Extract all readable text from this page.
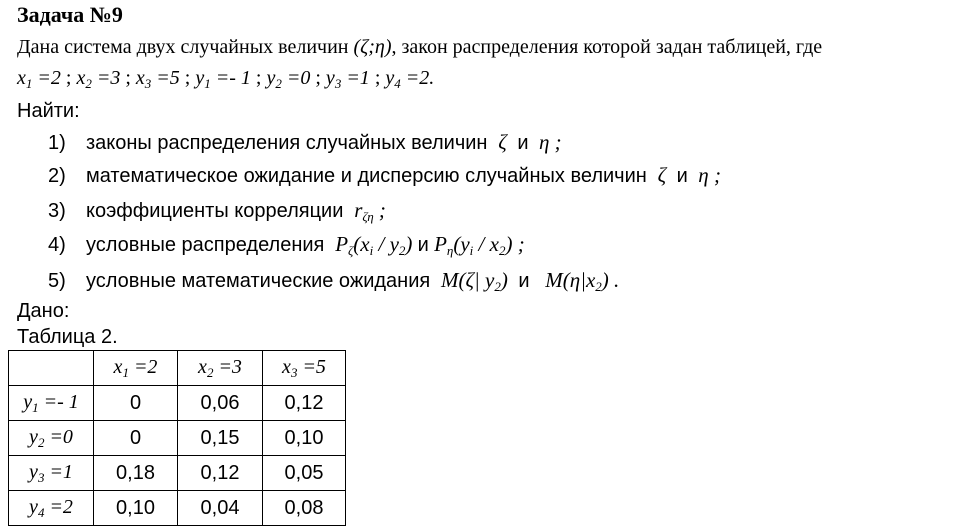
Задача №9
Дана система двух случайных величин (ζ;η), закон распределения которой задан таблицей, где
$x_1 =2$ ; $x_2 =3$ ; $x_3 =5$ ; $y_1 =- 1$ ; $y_2 =0$ ; $y_3 =1$ ; $y_4 =2$.
Найти:
1) законы распределения случайных величин  ζ  и  η ;
2) математическое ожидание и дисперсию случайных величин  ζ  и  η ;
3) коэффициенты корреляции  $r_{\zeta\eta}$ ;
4) условные распределения  $P_\zeta(x_i / y_2)$ и $P_\eta(y_i / x_2)$ ;
5) условные математические ожидания  M(ζ| $y_2$)  и   $M(\eta|x_2)$ .
Дано:
Таблица 2.
	$x_1 =2$	$x_2 =3$	$x_3 =5$
$y_1 =- 1$	0	0,06	0,12
$y_2 =0$	0	0,15	0,10
$y_3 =1$	0,18	0,12	0,05
$y_4 =2$	0,10	0,04	0,08
